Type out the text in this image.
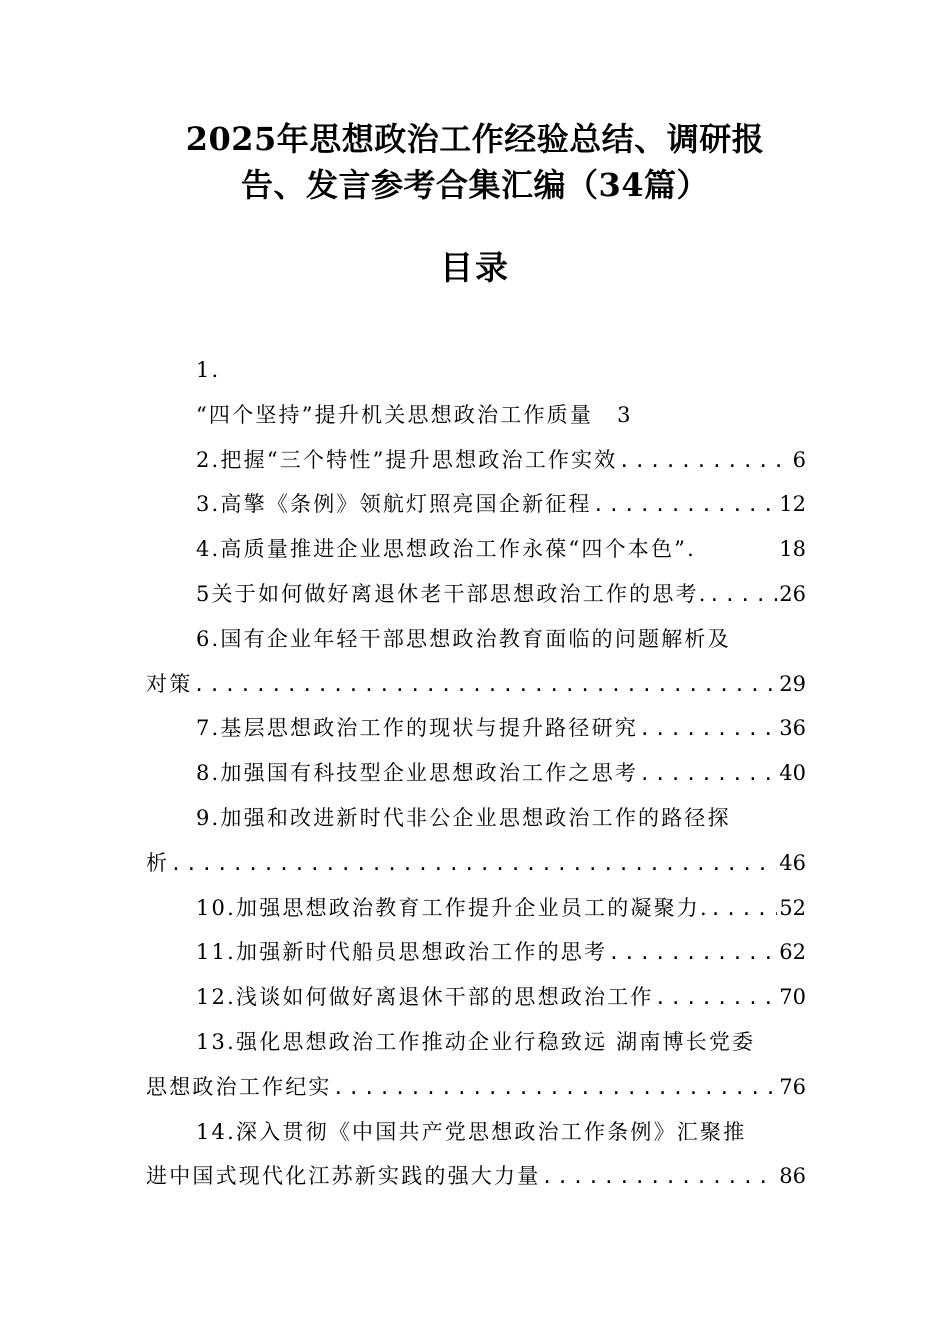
2025年思想政治工作经验总结、调研报
告、发言参考合集汇编（34篇）
目录
1.
“四个坚持”提升机关思想政治工作质量 3
2.把握“三个特性”提升思想政治工作实效 .....	6
3.高擎《条例》领航灯照亮国企新征程 .....	12
4.高质量推进企业思想政治工作永葆“四个本色”.	18
5关于如何做好离退休老干部思想政治工作的思考. .....	26
6.国有企业年轻干部思想政治教育面临的问题解析及
对策 .....	29
7.基层思想政治工作的现状与提升路径研究 .....	36
8.加强国有科技型企业思想政治工作之思考 .....	40
9.加强和改进新时代非公企业思想政治工作的路径探
析 .....	46
10.加强思想政治教育工作提升企业员工的凝聚力. .....	52
11.加强新时代船员思想政治工作的思考 .....	62
12.浅谈如何做好离退休干部的思想政治工作 .....	70
13.强化思想政治工作推动企业行稳致远 湖南博长党委
思想政治工作纪实 .....	76
14.深入贯彻《中国共产党思想政治工作条例》汇聚推
进中国式现代化江苏新实践的强大力量 .....	86
